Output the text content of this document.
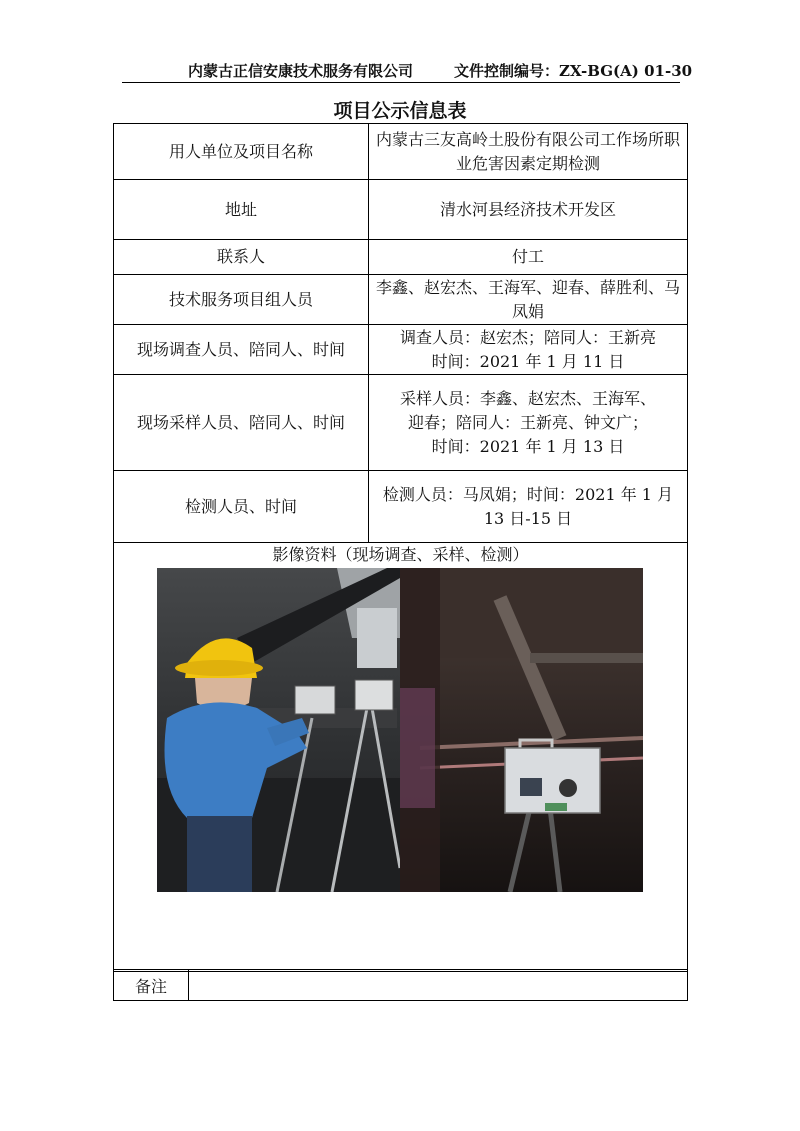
内蒙古正信安康技术服务有限公司	文件控制编号：ZX-BG(A) 01-30
项目公示信息表
用人单位及项目名称	内蒙古三友高岭土股份有限公司工作场所职业危害因素定期检测
地址	清水河县经济技术开发区
联系人	付工
技术服务项目组人员	李鑫、赵宏杰、王海军、迎春、薛胜利、马凤娟
现场调查人员、陪同人、时间	调查人员：赵宏杰；陪同人：王新亮
时间：2021 年 1 月 11 日

现场采样人员、陪同人、时间	采样人员：李鑫、赵宏杰、王海军、
迎春；陪同人：王新亮、钟文广；
时间：2021 年 1 月 13 日

检测人员、时间	检测人员：马凤娟；时间：2021 年 1 月 13 日-15 日

影像资料（现场调查、采样、检测）	
备注	
